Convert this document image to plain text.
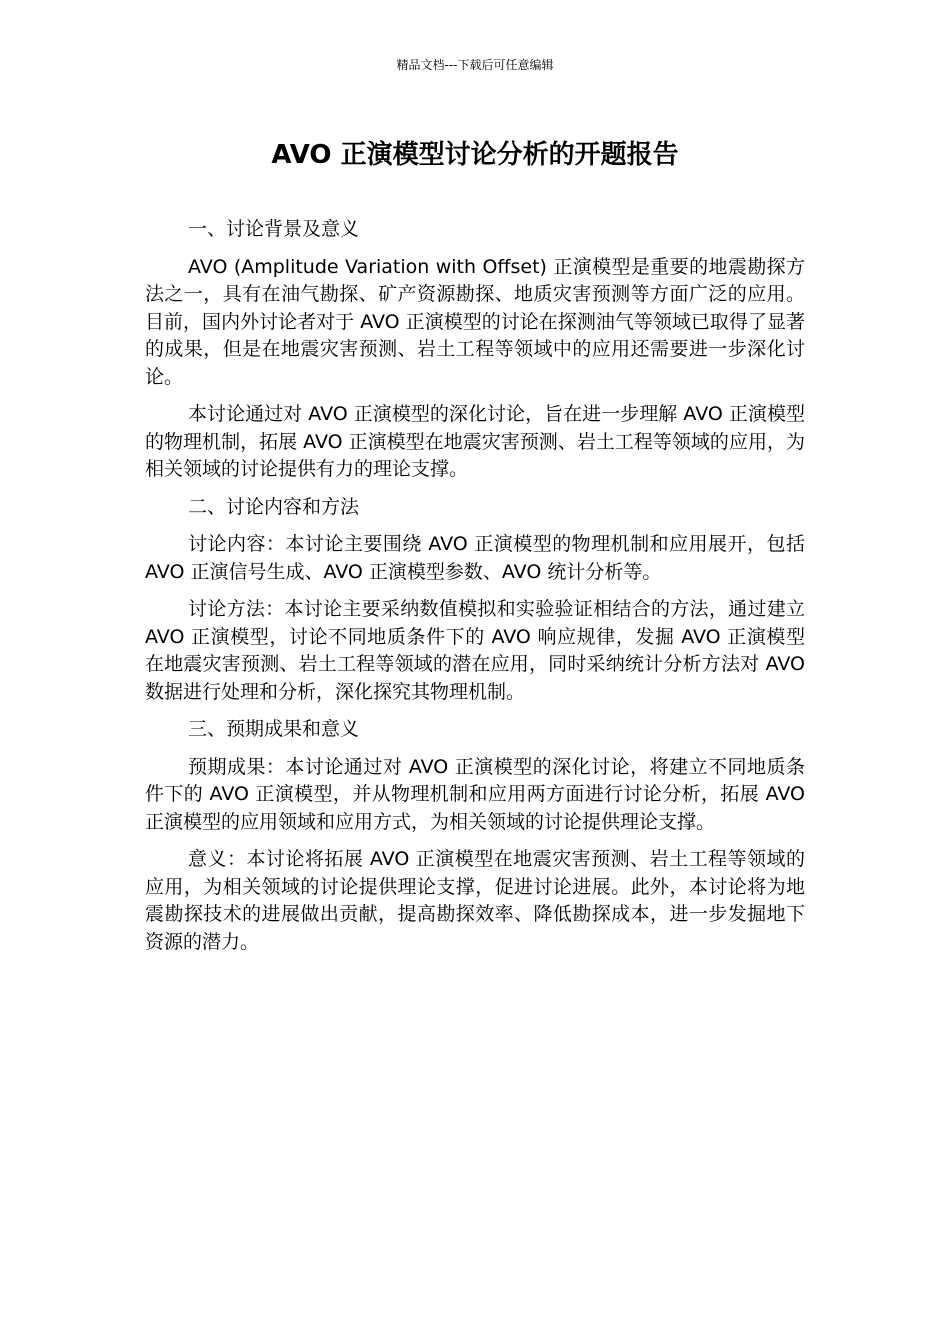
精品文档---下载后可任意编辑
AVO 正演模型讨论分析的开题报告

一、讨论背景及意义

AVO (Amplitude Variation with Offset) 正演模型是重要的地震勘探方法之一，具有在油气勘探、矿产资源勘探、地质灾害预测等方面广泛的应用。目前，国内外讨论者对于 AVO 正演模型的讨论在探测油气等领域已取得了显著的成果，但是在地震灾害预测、岩土工程等领域中的应用还需要进一步深化讨论。

本讨论通过对 AVO 正演模型的深化讨论，旨在进一步理解 AVO 正演模型的物理机制，拓展 AVO 正演模型在地震灾害预测、岩土工程等领域的应用，为相关领域的讨论提供有力的理论支撑。

二、讨论内容和方法

讨论内容：本讨论主要围绕 AVO 正演模型的物理机制和应用展开，包括 AVO 正演信号生成、AVO 正演模型参数、AVO 统计分析等。

讨论方法：本讨论主要采纳数值模拟和实验验证相结合的方法，通过建立 AVO 正演模型，讨论不同地质条件下的 AVO 响应规律，发掘 AVO 正演模型在地震灾害预测、岩土工程等领域的潜在应用，同时采纳统计分析方法对 AVO 数据进行处理和分析，深化探究其物理机制。

三、预期成果和意义

预期成果：本讨论通过对 AVO 正演模型的深化讨论，将建立不同地质条件下的 AVO 正演模型，并从物理机制和应用两方面进行讨论分析，拓展 AVO 正演模型的应用领域和应用方式，为相关领域的讨论提供理论支撑。

意义：本讨论将拓展 AVO 正演模型在地震灾害预测、岩土工程等领域的应用，为相关领域的讨论提供理论支撑，促进讨论进展。此外，本讨论将为地震勘探技术的进展做出贡献，提高勘探效率、降低勘探成本，进一步发掘地下资源的潜力。
